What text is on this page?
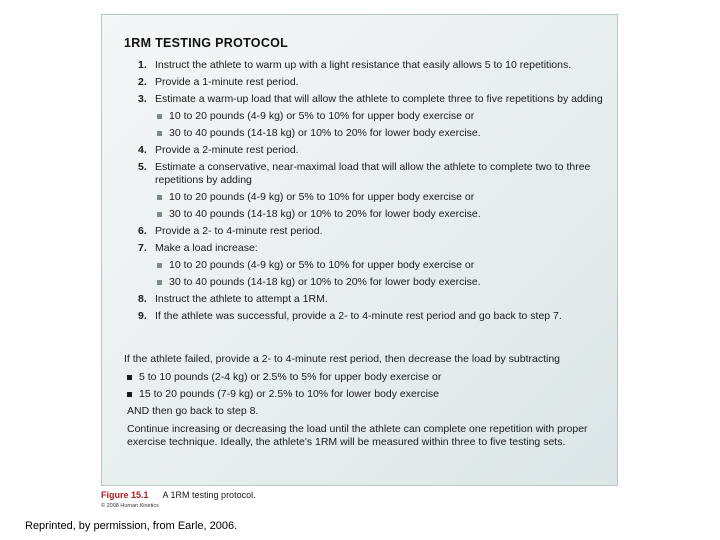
1RM TESTING PROTOCOL
1. Instruct the athlete to warm up with a light resistance that easily allows 5 to 10 repetitions.
2. Provide a 1-minute rest period.
3. Estimate a warm-up load that will allow the athlete to complete three to five repetitions by adding
10 to 20 pounds (4-9 kg) or 5% to 10% for upper body exercise or
30 to 40 pounds (14-18 kg) or 10% to 20% for lower body exercise.
4. Provide a 2-minute rest period.
5. Estimate a conservative, near-maximal load that will allow the athlete to complete two to three repetitions by adding
10 to 20 pounds (4-9 kg) or 5% to 10% for upper body exercise or
30 to 40 pounds (14-18 kg) or 10% to 20% for lower body exercise.
6. Provide a 2- to 4-minute rest period.
7. Make a load increase:
10 to 20 pounds (4-9 kg) or 5% to 10% for upper body exercise or
30 to 40 pounds (14-18 kg) or 10% to 20% for lower body exercise.
8. Instruct the athlete to attempt a 1RM.
9. If the athlete was successful, provide a 2- to 4-minute rest period and go back to step 7.

If the athlete failed, provide a 2- to 4-minute rest period, then decrease the load by subtracting

5 to 10 pounds (2-4 kg) or 2.5% to 5% for upper body exercise or
15 to 20 pounds (7-9 kg) or 2.5% to 10% for lower body exercise

AND then go back to step 8.

Continue increasing or decreasing the load until the athlete can complete one repetition with proper exercise technique. Ideally, the athlete's 1RM will be measured within three to five testing sets.

Figure 15.1 A 1RM testing protocol.
© 2008 Human Kinetics
Reprinted, by permission, from Earle, 2006.
